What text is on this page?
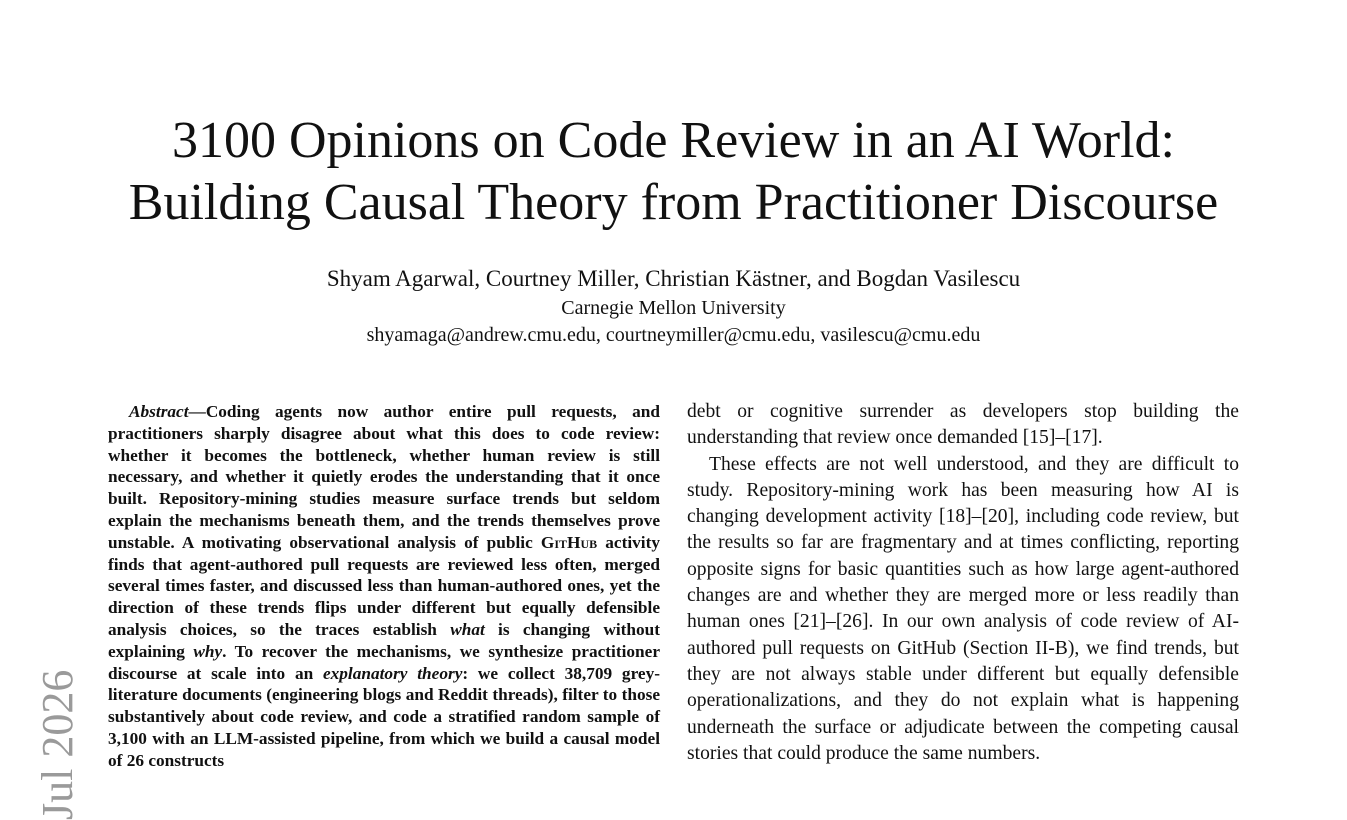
3100 Opinions on Code Review in an AI World:
Building Causal Theory from Practitioner Discourse
Shyam Agarwal, Courtney Miller, Christian Kästner, and Bogdan Vasilescu
Carnegie Mellon University
shyamaga@andrew.cmu.edu, courtneymiller@cmu.edu, vasilescu@cmu.edu
Jul 2026

Abstract—Coding agents now author entire pull requests, and practitioners sharply disagree about what this does to code review: whether it becomes the bottleneck, whether human review is still necessary, and whether it quietly erodes the understanding that it once built. Repository-mining studies measure surface trends but seldom explain the mechanisms beneath them, and the trends themselves prove unstable. A motivating observational analysis of public GitHub activity finds that agent-authored pull requests are reviewed less often, merged several times faster, and discussed less than human-authored ones, yet the direction of these trends flips under different but equally defensible analysis choices, so the traces establish what is changing without explaining why. To recover the mechanisms, we synthesize practitioner discourse at scale into an explanatory theory: we collect 38,709 grey-literature documents (engineering blogs and Reddit threads), filter to those substantively about code review, and code a stratified random sample of 3,100 with an LLM-assisted pipeline, from which we build a causal model of 26 constructs

debt or cognitive surrender as developers stop building the understanding that review once demanded [15]–[17].

These effects are not well understood, and they are difficult to study. Repository-mining work has been measuring how AI is changing development activity [18]–[20], including code review, but the results so far are fragmentary and at times conflicting, reporting opposite signs for basic quantities such as how large agent-authored changes are and whether they are merged more or less readily than human ones [21]–[26]. In our own analysis of code review of AI-authored pull requests on GitHub (Section II-B), we find trends, but they are not always stable under different but equally defensible operationalizations, and they do not explain what is happening underneath the surface or adjudicate between the competing causal stories that could produce the same numbers.
